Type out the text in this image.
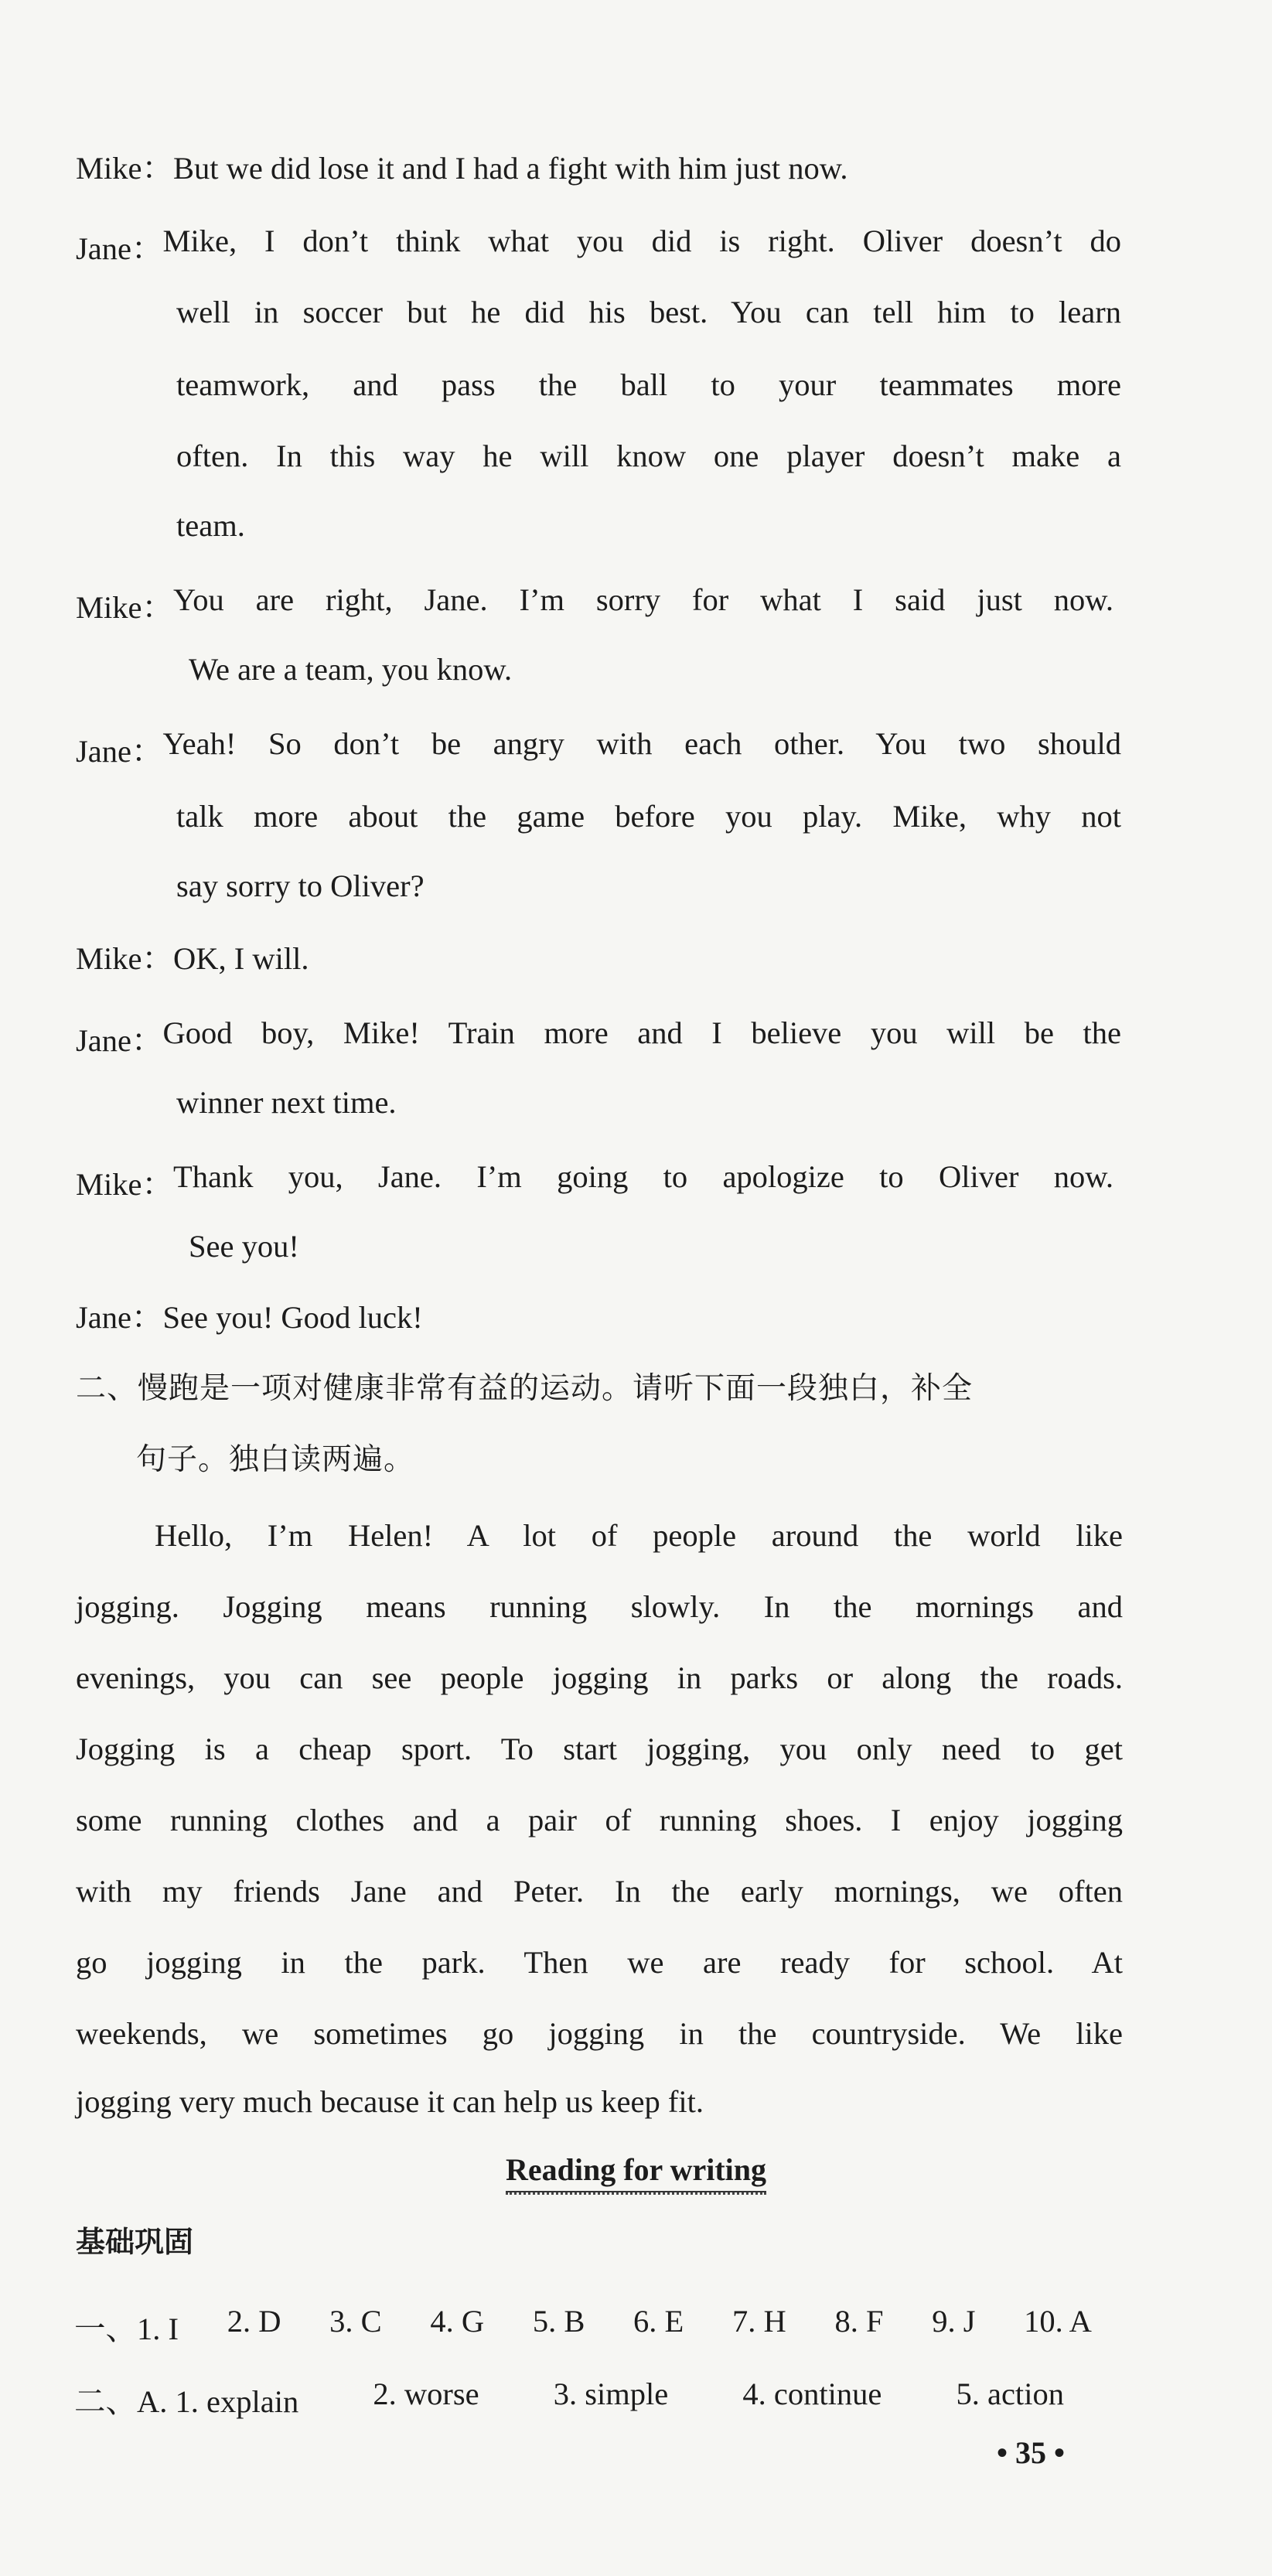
Mike：But we did lose it and I had a fight with him just now.
Jane： Mike, I don’t think what you did is right. Oliver doesn’t do
well in soccer but he did his best. You can tell him to learn
teamwork, and pass the ball to your teammates more
often. In this way he will know one player doesn’t make a
team.
Mike： You are right, Jane. I’m sorry for what I said just now.
We are a team, you know.
Jane： Yeah! So don’t be angry with each other. You two should
talk more about the game before you play. Mike, why not
say sorry to Oliver?
Mike：OK, I will.
Jane： Good boy, Mike! Train more and I believe you will be the
winner next time.
Mike： Thank you, Jane. I’m going to apologize to Oliver now.
See you!
Jane：See you! Good luck!
二、慢跑是一项对健康非常有益的运动。请听下面一段独白，补全
句子。独白读两遍。
Hello, I’m Helen! A lot of people around the world like
jogging. Jogging means running slowly. In the mornings and
evenings, you can see people jogging in parks or along the roads.
Jogging is a cheap sport. To start jogging, you only need to get
some running clothes and a pair of running shoes. I enjoy jogging
with my friends Jane and Peter. In the early mornings, we often
go jogging in the park. Then we are ready for school. At
weekends, we sometimes go jogging in the countryside. We like
jogging very much because it can help us keep fit.
Reading for writing
基础巩固
一、1. I 2. D 3. C 4. G 5. B 6. E 7. H 8. F 9. J 10. A
二、A. 1. explain 2. worse 3. simple 4. continue 5. action
• 35 •
